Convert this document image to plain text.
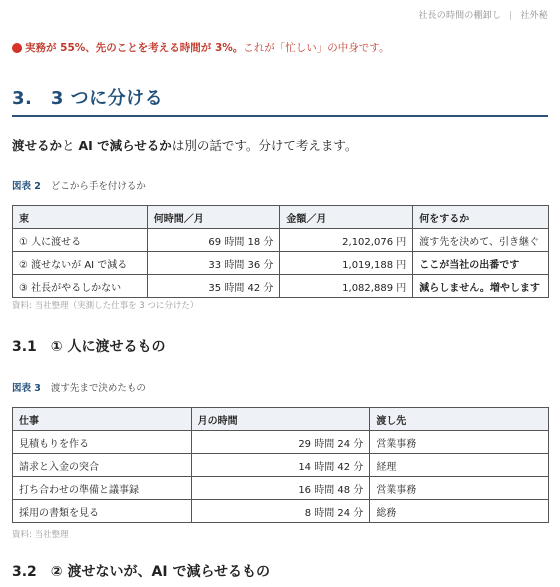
社長の時間の棚卸し | 社外秘
実務が 55%、先のことを考える時間が 3%。 これが「忙しい」の中身です。
3.　3 つに分ける
渡せるかと AI で減らせるかは別の話です。分けて考えます。
図表 2 どこから手を付けるか
束	何時間／月	金額／月	何をするか
① 人に渡せる	69 時間 18 分	2,102,076 円	渡す先を決めて、引き継ぐ
② 渡せないが AI で減る	33 時間 36 分	1,019,188 円	ここが当社の出番です
③ 社長がやるしかない	35 時間 42 分	1,082,889 円	減らしません。増やします
資料: 当社整理（実測した仕事を 3 つに分けた）
3.1　① 人に渡せるもの
図表 3 渡す先まで決めたもの
仕事	月の時間	渡し先
見積もりを作る	29 時間 24 分	営業事務
請求と入金の突合	14 時間 42 分	経理
打ち合わせの準備と議事録	16 時間 48 分	営業事務
採用の書類を見る	8 時間 24 分	総務
資料: 当社整理
3.2　② 渡せないが、AI で減らせるもの
